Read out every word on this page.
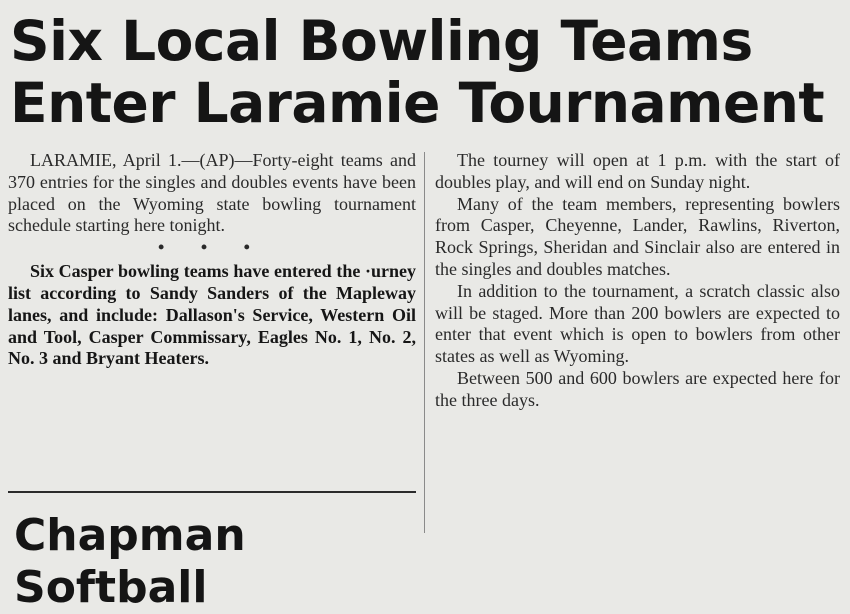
Six Local Bowling Teams
Enter Laramie Tournament

LARAMIE, April 1.—(AP)—Forty-eight teams and 370 entries for the singles and doubles events have been placed on the Wyoming state bowling tournament schedule starting here tonight.

• • •

Six Casper bowling teams have entered the ·urney list according to Sandy Sanders of the Mapleway lanes, and include: Dallason's Service, Western Oil and Tool, Casper Commissary, Eagles No. 1, No. 2, No. 3 and Bryant Heaters.

The tourney will open at 1 p.m. with the start of doubles play, and will end on Sunday night.

Many of the team members, representing bowlers from Casper, Cheyenne, Lander, Rawlins, Riverton, Rock Springs, Sheridan and Sinclair also are entered in the singles and doubles matches.

In addition to the tournament, a scratch classic also will be staged. More than 200 bowlers are expected to enter that event which is open to bowlers from other states as well as Wyoming.

Between 500 and 600 bowlers are expected here for the three days.

Chapman Softball
